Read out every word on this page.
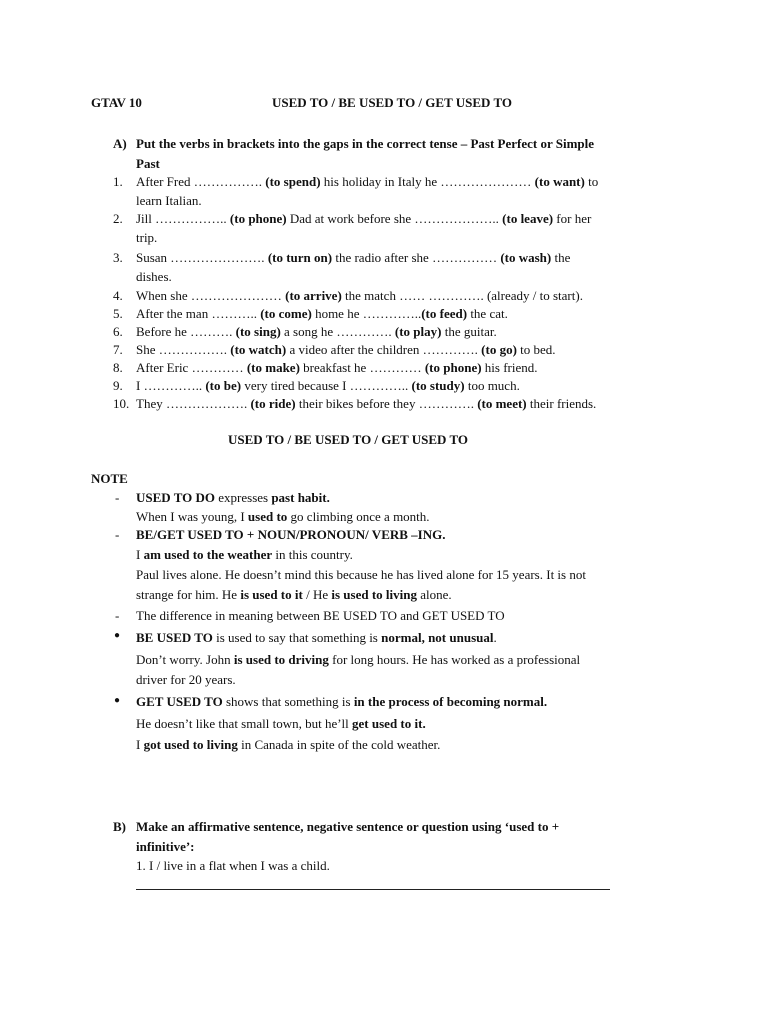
GTAV 10	USED TO / BE USED TO / GET USED TO
A) Put the verbs in brackets into the gaps in the correct tense – Past Perfect or Simple
Past
1. After Fred ……………. (to spend) his holiday in Italy he ………………… (to want) to
learn Italian.
2. Jill …………….. (to phone) Dad at work before she ……………….. (to leave) for her
trip.
3. Susan …………………. (to turn on) the radio after she …………… (to wash) the
dishes.
4. When she ………………… (to arrive) the match …… …………. (already / to start).
5. After the man ……….. (to come) home he …………..(to feed) the cat.
6. Before he ………. (to sing) a song he …………. (to play) the guitar.
7. She ……………. (to watch) a video after the children …………. (to go) to bed.
8. After Eric ………… (to make) breakfast he ………… (to phone) his friend.
9. I ………….. (to be) very tired because I ………….. (to study) too much.
10. They ………………. (to ride) their bikes before they …………. (to meet) their friends.
USED TO / BE USED TO / GET USED TO
NOTE
- USED TO DO expresses past habit.
When I was young, I used to go climbing once a month.
- BE/GET USED TO + NOUN/PRONOUN/ VERB –ING.
I am used to the weather in this country.
Paul lives alone. He doesn’t mind this because he has lived alone for 15 years. It is not
strange for him. He is used to it / He is used to living alone.
- The difference in meaning between BE USED TO and GET USED TO
● BE USED TO is used to say that something is normal, not unusual.
Don’t worry. John is used to driving for long hours. He has worked as a professional
driver for 20 years.
● GET USED TO shows that something is in the process of becoming normal.
He doesn’t like that small town, but he’ll get used to it.
I got used to living in Canada in spite of the cold weather.
B) Make an affirmative sentence, negative sentence or question using ‘used to +
infinitive’:
1. I / live in a flat when I was a child.
